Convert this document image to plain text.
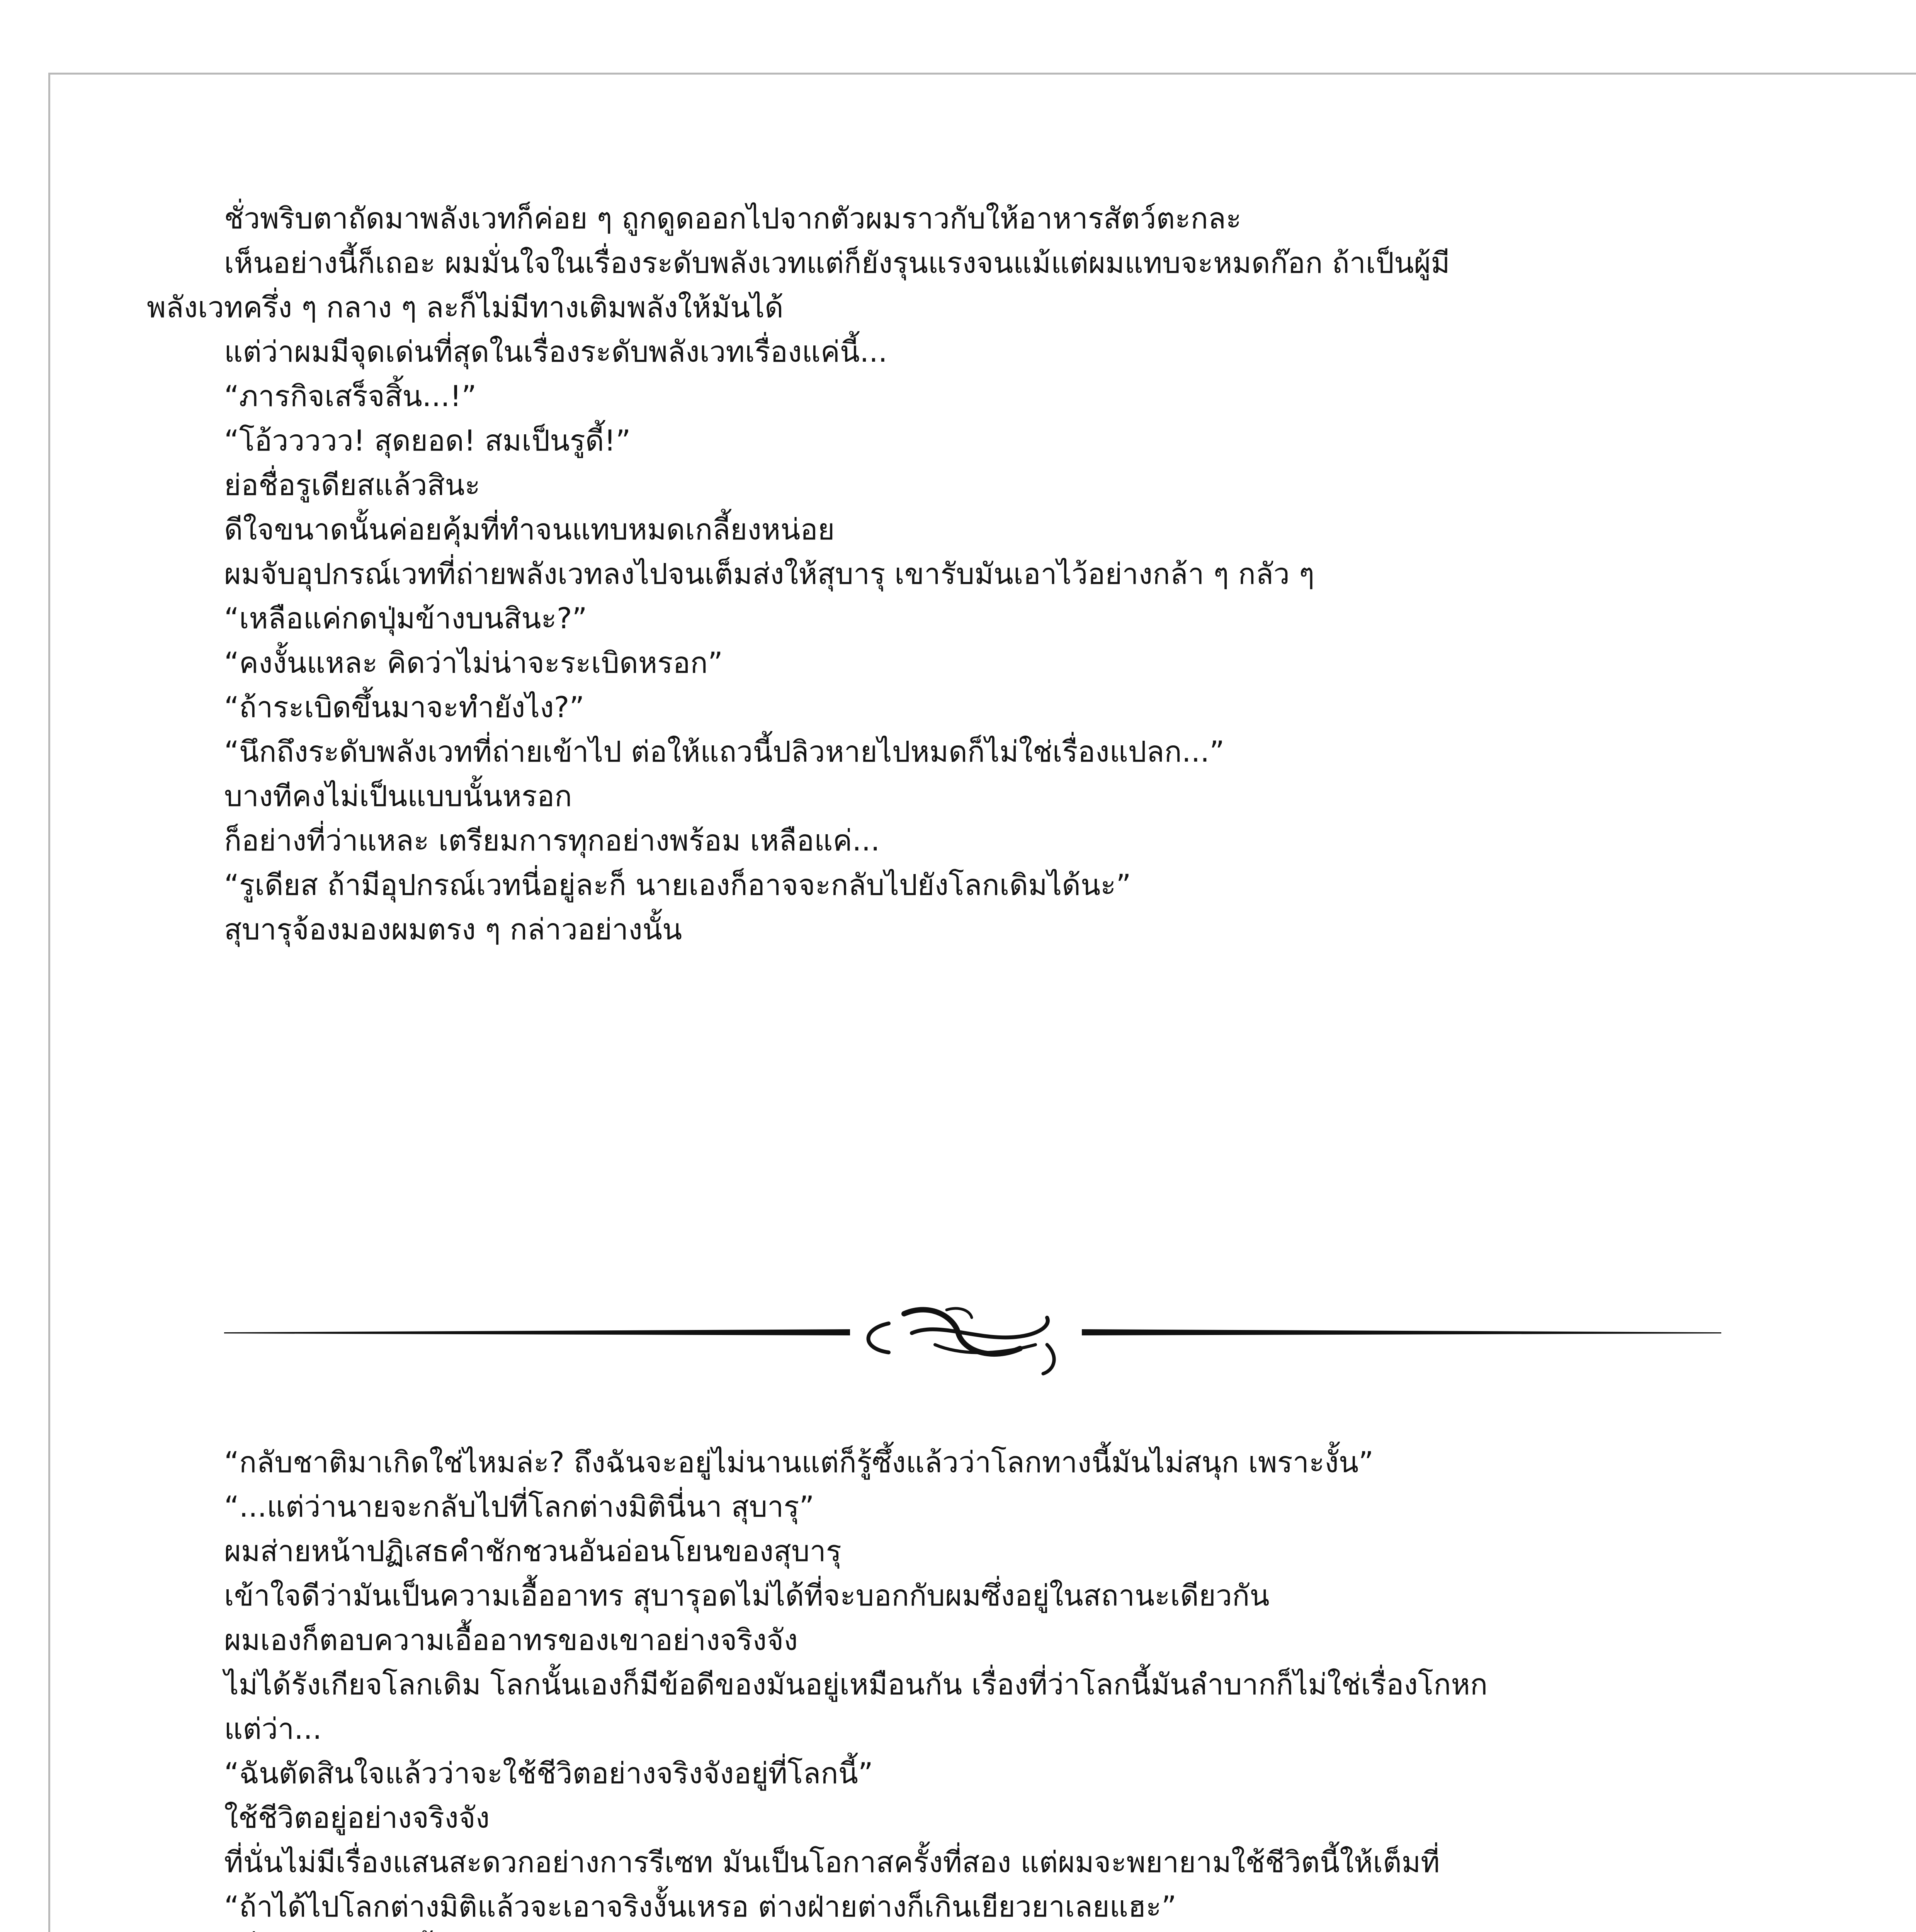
ชั่วพริบตาถัดมาพลังเวทก็ค่อย ๆ ถูกดูดออกไปจากตัวผมราวกับให้อาหารสัตว์ตะกละ

เห็นอย่างนี้ก็เถอะ ผมมั่นใจในเรื่องระดับพลังเวทแต่ก็ยังรุนแรงจนแม้แต่ผมแทบจะหมดก๊อก ถ้าเป็นผู้มี

พลังเวทครึ่ง ๆ กลาง ๆ ละก็ไม่มีทางเติมพลังให้มันได้

แต่ว่าผมมีจุดเด่นที่สุดในเรื่องระดับพลังเวทเรื่องแค่นี้...

“ภารกิจเสร็จสิ้น...!”

“โอ้ววววว! สุดยอด! สมเป็นรูดี้!”

ย่อชื่อรูเดียสแล้วสินะ

ดีใจขนาดนั้นค่อยคุ้มที่ทำจนแทบหมดเกลี้ยงหน่อย

ผมจับอุปกรณ์เวทที่ถ่ายพลังเวทลงไปจนเต็มส่งให้สุบารุ เขารับมันเอาไว้อย่างกล้า ๆ กลัว ๆ

“เหลือแค่กดปุ่มข้างบนสินะ?”

“คงงั้นแหละ คิดว่าไม่น่าจะระเบิดหรอก”

“ถ้าระเบิดขึ้นมาจะทำยังไง?”

“นึกถึงระดับพลังเวทที่ถ่ายเข้าไป ต่อให้แถวนี้ปลิวหายไปหมดก็ไม่ใช่เรื่องแปลก...”

บางทีคงไม่เป็นแบบนั้นหรอก

ก็อย่างที่ว่าแหละ เตรียมการทุกอย่างพร้อม เหลือแค่...

“รูเดียส ถ้ามีอุปกรณ์เวทนี่อยู่ละก็ นายเองก็อาจจะกลับไปยังโลกเดิมได้นะ”

สุบารุจ้องมองผมตรง ๆ กล่าวอย่างนั้น

“กลับชาติมาเกิดใช่ไหมล่ะ? ถึงฉันจะอยู่ไม่นานแต่ก็รู้ซึ้งแล้วว่าโลกทางนี้มันไม่สนุก เพราะงั้น”

“...แต่ว่านายจะกลับไปที่โลกต่างมิตินี่นา สุบารุ”

ผมส่ายหน้าปฏิเสธคำชักชวนอันอ่อนโยนของสุบารุ

เข้าใจดีว่ามันเป็นความเอื้ออาทร สุบารุอดไม่ได้ที่จะบอกกับผมซึ่งอยู่ในสถานะเดียวกัน

ผมเองก็ตอบความเอื้ออาทรของเขาอย่างจริงจัง

ไม่ได้รังเกียจโลกเดิม โลกนั้นเองก็มีข้อดีของมันอยู่เหมือนกัน เรื่องที่ว่าโลกนี้มันลำบากก็ไม่ใช่เรื่องโกหก

แต่ว่า...

“ฉันตัดสินใจแล้วว่าจะใช้ชีวิตอย่างจริงจังอยู่ที่โลกนี้”

ใช้ชีวิตอยู่อย่างจริงจัง

ที่นั่นไม่มีเรื่องแสนสะดวกอย่างการรีเซท มันเป็นโอกาสครั้งที่สอง แต่ผมจะพยายามใช้ชีวิตนี้ให้เต็มที่

“ถ้าได้ไปโลกต่างมิติแล้วจะเอาจริงงั้นเหรอ ต่างฝ่ายต่างก็เกินเยียวยาเลยแฮะ”
